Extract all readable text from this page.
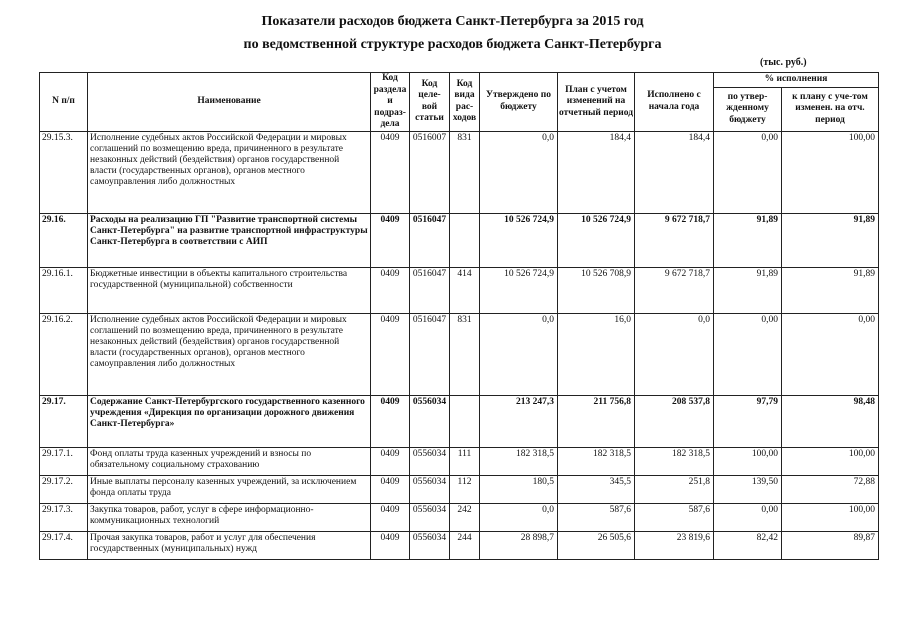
Показатели расходов бюджета Санкт-Петербурга за 2015 год
по ведомственной структуре расходов бюджета Санкт-Петербурга
(тыс. руб.)
N п/п	Наименование	Код раздела и подраз-дела	Код целе-вой статьи	Код вида рас-ходов	Утверждено по бюджету	План с учетом изменений на отчетный период	Исполнено с начала года	% исполнения	
								по утвер-жденному бюджету	к плану с уче-том изменен. на отч. период
29.15.3.	Исполнение судебных актов Российской Федерации и мировых соглашений по возмещению вреда, причиненного в результате незаконных действий (бездействия) органов государственной власти (государственных органов), органов местного самоуправления либо должностных	0409	0516007	831	0,0	184,4	184,4	0,00	100,00
29.16.	Расходы на реализацию ГП "Развитие транспортной системы Санкт-Петербурга" на развитие транспортной инфраструктуры Санкт-Петербурга в соответствии с АИП	0409	0516047		10 526 724,9	10 526 724,9	9 672 718,7	91,89	91,89
29.16.1.	Бюджетные инвестиции в объекты капитального строительства государственной (муниципальной) собственности	0409	0516047	414	10 526 724,9	10 526 708,9	9 672 718,7	91,89	91,89
29.16.2.	Исполнение судебных актов Российской Федерации и мировых соглашений по возмещению вреда, причиненного в результате незаконных действий (бездействия) органов государственной власти (государственных органов), органов местного самоуправления либо должностных	0409	0516047	831	0,0	16,0	0,0	0,00	0,00
29.17.	Содержание Санкт-Петербургского государственного казенного учреждения «Дирекция по организации дорожного движения Санкт-Петербурга»	0409	0556034		213 247,3	211 756,8	208 537,8	97,79	98,48
29.17.1.	Фонд оплаты труда казенных учреждений и взносы по обязательному социальному страхованию	0409	0556034	111	182 318,5	182 318,5	182 318,5	100,00	100,00
29.17.2.	Иные выплаты персоналу казенных учреждений, за исключением фонда оплаты труда	0409	0556034	112	180,5	345,5	251,8	139,50	72,88
29.17.3.	Закупка товаров, работ, услуг в сфере информационно-коммуникационных технологий	0409	0556034	242	0,0	587,6	587,6	0,00	100,00
29.17.4.	Прочая закупка товаров, работ и услуг для обеспечения государственных (муниципальных) нужд	0409	0556034	244	28 898,7	26 505,6	23 819,6	82,42	89,87
